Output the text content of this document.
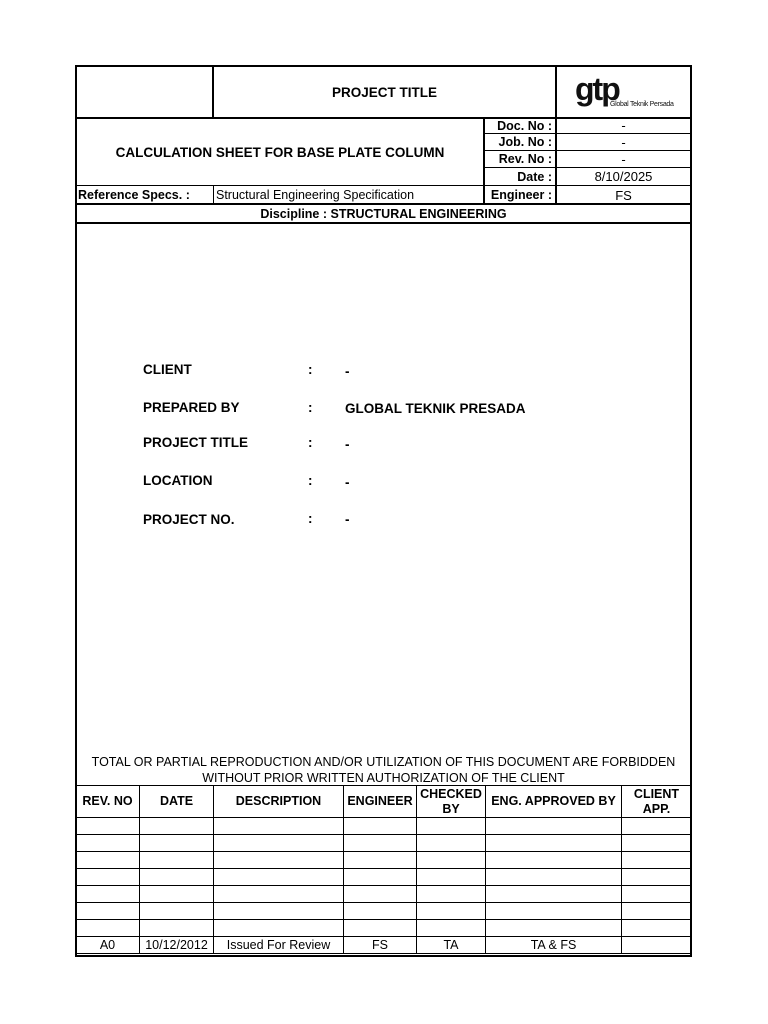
PROJECT TITLE	gtp
Global Teknik Persada
CALCULATION SHEET FOR BASE PLATE COLUMN
Doc. No :	-
Job. No :	-
Rev. No :	-
Date :	8/10/2025
Reference Specs. :	Structural Engineering Specification	Engineer :	FS
Discipline : STRUCTURAL ENGINEERING
CLIENT	: -
PREPARED BY	: GLOBAL TEKNIK PRESADA
PROJECT TITLE	: -
LOCATION	: -
PROJECT NO.	: -
TOTAL OR PARTIAL REPRODUCTION AND/OR UTILIZATION OF THIS DOCUMENT ARE FORBIDDEN
WITHOUT PRIOR WRITTEN AUTHORIZATION OF THE CLIENT
REV. NO	DATE	DESCRIPTION	ENGINEER	CHECKED BY	ENG. APPROVED BY	CLIENT APP.

A0	10/12/2012	Issued For Review	FS	TA	TA & FS	
